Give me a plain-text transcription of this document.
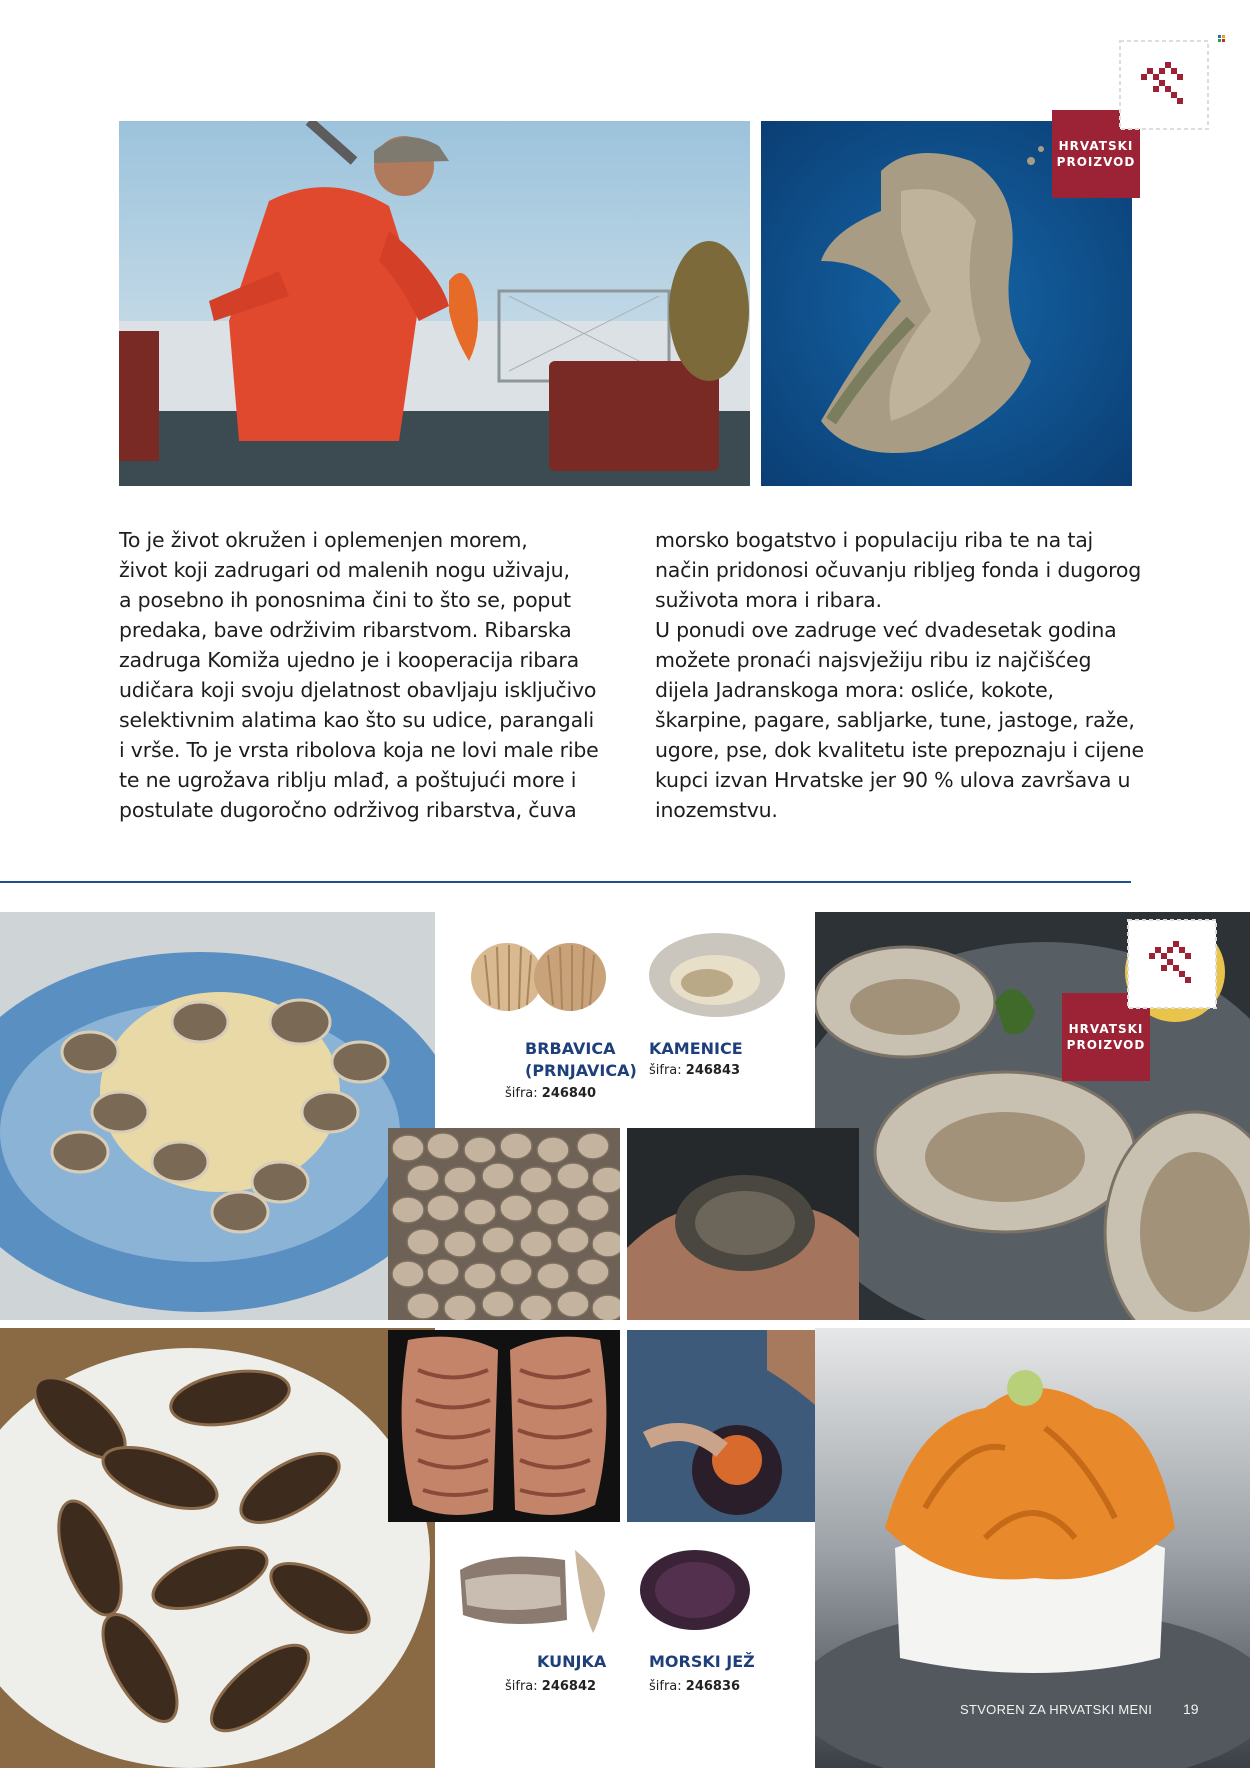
HRVATSKI
PROIZVOD

To je život okružen i oplemenjen morem,
život koji zadrugari od malenih nogu uživaju,
a posebno ih ponosnima čini to što se, poput
predaka, bave održivim ribarstvom. Ribarska
zadruga Komiža ujedno je i kooperacija ribara
udičara koji svoju djelatnost obavljaju isključivo
selektivnim alatima kao što su udice, parangali
i vrše. To je vrsta ribolova koja ne lovi male ribe
te ne ugrožava riblju mlađ, a poštujući more i
postulate dugoročno održivog ribarstva, čuva

morsko bogatstvo i populaciju riba te na taj
način pridonosi očuvanju ribljeg fonda i dugorog
suživota mora i ribara.
U ponudi ove zadruge već dvadesetak godina
možete pronaći najsvježiju ribu iz najčišćeg
dijela Jadranskoga mora: osliće, kokote,
škarpine, pagare, sabljarke, tune, jastoge, raže,
ugore, pse, dok kvalitetu iste prepoznaju i cijene
kupci izvan Hrvatske jer 90 % ulova završava u
inozemstvu.

BRBAVICA
(PRNJAVICA)

šifra: 246840

KAMENICE

šifra: 246843
HRVATSKI
PROIZVOD

KUNJKA

šifra: 246842

MORSKI JEŽ

šifra: 246836
STVOREN ZA HRVATSKI MENI 19
